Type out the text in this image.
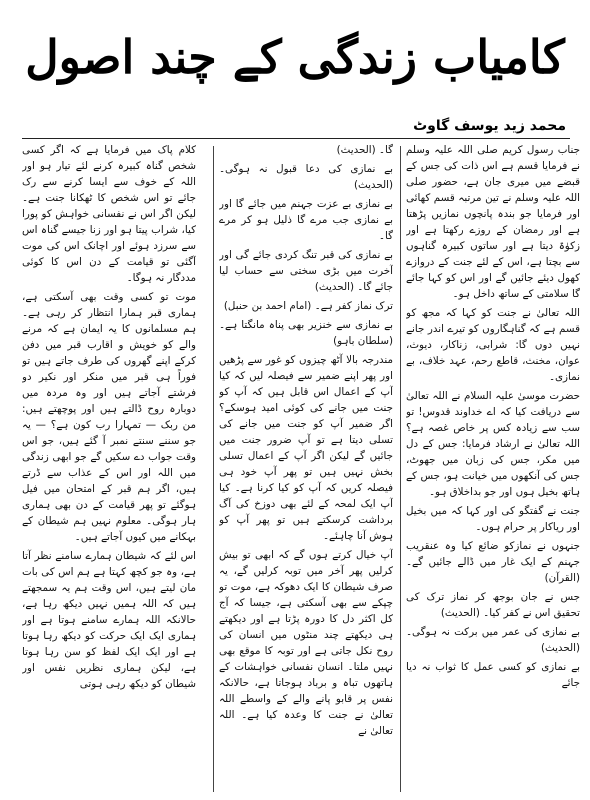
کامیاب زندگی کے چند اصول
محمد زید یوسف گاوٹ

جناب رسول کریم صلی اللہ علیہ وسلم نے فرمایا قسم ہے اس ذات کی جس کے قبضے میں میری جان ہے، حضور صلی اللہ علیہ وسلم نے تین مرتبہ قسم کھائی اور فرمایا جو بندہ پانچوں نمازیں پڑھتا ہے اور رمضان کے روزے رکھتا ہے اور زکوٰۃ دیتا ہے اور ساتوں کبیرہ گناہوں سے بچتا ہے، اس کے لئے جنت کے دروازے کھول دیئے جائیں گے اور اس کو کہا جائے گا سلامتی کے ساتھ داخل ہو۔

اللہ تعالیٰ نے جنت کو کہا کہ مجھ کو قسم ہے کہ گناہگاروں کو تیرے اندر جانے نہیں دوں گا: شرابی، زناکار، دیوث، عوان، مخنث، قاطع رحم، عہد خلاف، بے نمازی۔

حضرت موسیٰ علیہ السلام نے اللہ تعالیٰ سے دریافت کیا کہ اے خداوند قدوس! تو سب سے زیادہ کس پر خاص غصہ ہے؟ اللہ تعالیٰ نے ارشاد فرمایا: جس کے دل میں مکر، جس کی زبان میں جھوٹ، جس کی آنکھوں میں خیانت ہو، جس کے ہاتھ بخیل ہوں اور جو بداخلاق ہو۔

جنت نے گفتگو کی اور کہا کہ میں بخیل اور ریاکار پر حرام ہوں۔

جنہوں نے نمازکو ضائع کیا وہ عنقریب جہنم کے ایک غار میں ڈالے جائیں گے۔ (القرآن)

جس نے جان بوجھ کر نماز ترک کی تحقیق اس نے کفر کیا۔ (الحدیث)

بے نمازی کی عمر میں برکت نہ ہوگی۔ (الحدیث)

بے نمازی کو کسی عمل کا ثواب نہ دیا جائے

گا۔ (الحدیث)

بے نمازی کی دعا قبول نہ ہوگی۔ (الحدیث)

بے نمازی بے عزت جہنم میں جائے گا اور بے نمازی جب مرے گا ذلیل ہو کر مرے گا۔

بے نمازی کی قبر تنگ کردی جائے گی اور آخرت میں بڑی سختی سے حساب لیا جائے گا۔ (الحدیث)

ترک نماز کفر ہے۔ (امام احمد بن حنبل)

بے نمازی سے خنزیر بھی پناہ مانگتا ہے۔ (سلطان باہو)

مندرجہ بالا آٹھ چیزوں کو غور سے پڑھیں اور پھر اپنے ضمیر سے فیصلہ لیں کہ کیا آپ کے اعمال اس قابل ہیں کہ آپ کو جنت میں جانے کی کوئی امید ہوسکے؟ اگر ضمیر آپ کو جنت میں جانے کی تسلی دیتا ہے تو آپ ضرور جنت میں جائیں گے لیکن اگر آپ کے اعمال تسلی بخش نہیں ہیں تو پھر آپ خود ہی فیصلہ کریں کہ آپ کو کیا کرنا ہے۔ کیا آپ ایک لمحہ کے لئے بھی دوزخ کی آگ برداشت کرسکتے ہیں تو پھر آپ کو ہوش آنا چاہئے۔

آپ خیال کرتے ہوں گے کہ ابھی تو بیش کرلیں پھر آخر میں توبہ کرلیں گے، یہ صرف شیطان کا ایک دھوکہ ہے، موت تو چپکے سے بھی آسکتی ہے، جیسا کہ آج کل اکثر دل کا دورہ پڑتا ہے اور دیکھتے ہی دیکھتے چند منٹوں میں انسان کی روح نکل جاتی ہے اور توبہ کا موقع بھی نہیں ملتا۔ انسان نفسانی خواہشات کے ہاتھوں تباہ و برباد ہوجاتا ہے، حالانکہ نفس پر قابو پانے والے کے واسطے اللہ تعالیٰ نے جنت کا وعدہ کیا ہے۔ اللہ تعالیٰ نے

کلام پاک میں فرمایا ہے کہ اگر کسی شخص گناہ کبیرہ کرنے لئے تیار ہو اور اللہ کے خوف سے ایسا کرنے سے رک جائے تو اس شخص کا ٹھکانا جنت ہے۔ لیکن اگر اس نے نفسانی خواہش کو پورا کیا، شراب پیتا ہو اور زنا جیسے گناہ اس سے سرزد ہوئے اور اچانک اس کی موت آگئی تو قیامت کے دن اس کا کوئی مددگار نہ ہوگا۔

موت تو کسی وقت بھی آسکتی ہے، ہماری قبر ہمارا انتظار کر رہی ہے۔ ہم مسلمانوں کا یہ ایمان ہے کہ مرنے والے کو خویش و اقارب قبر میں دفن کرکے اپنے گھروں کی طرف جاتے ہیں تو فوراً ہی قبر میں منکر اور نکیر دو فرشتے آجاتے ہیں اور وہ مردہ میں دوبارہ روح ڈالتے ہیں اور پوچھتے ہیں: من ربک — تمہارا رب کون ہے؟ — یہ جو سننے سنتے نمبر آ گئے ہیں، جو اس وقت جواب دے سکیں گے جو ابھی زندگی میں اللہ اور اس کے عذاب سے ڈرتے ہیں، اگر ہم قبر کے امتحان میں فیل ہوگئے تو پھر قیامت کے دن بھی ہماری ہار ہوگی۔ معلوم نہیں ہم شیطان کے بہکانے میں کیوں آجاتے ہیں۔

اس لئے کہ شیطان ہمارے سامنے نظر آتا ہے، وہ جو کچھ کہتا ہے ہم اس کی بات مان لیتے ہیں، اس وقت ہم یہ سمجھتے ہیں کہ اللہ ہمیں نہیں دیکھ رہا ہے، حالانکہ اللہ ہمارے سامنے ہوتا ہے اور ہماری ایک ایک حرکت کو دیکھ رہا ہوتا ہے اور ایک ایک لفظ کو سن رہا ہوتا ہے، لیکن ہماری نظریں نفس اور شیطان کو دیکھ رہی ہوتی
